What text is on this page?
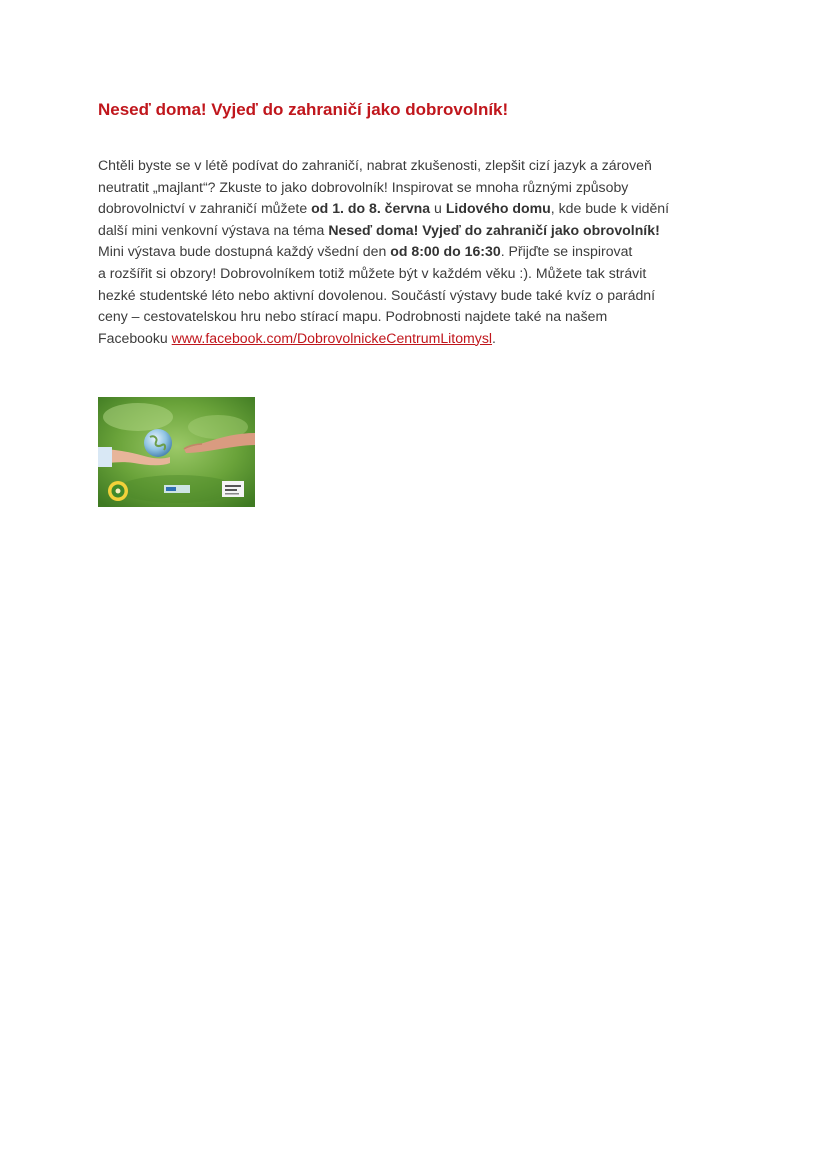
Neseď doma! Vyjeď do zahraničí jako dobrovolník!
Chtěli byste se v létě podívat do zahraničí, nabrat zkušenosti, zlepšit cizí jazyk a zároveň
neutratit „majlant“? Zkuste to jako dobrovolník! Inspirovat se mnoha různými způsoby
dobrovolnictví v zahraničí můžete od 1. do 8. června u Lidového domu, kde bude k vidění
další mini venkovní výstava na téma Neseď doma! Vyjeď do zahraničí jako obrovolník!
Mini výstava bude dostupná každý všední den od 8:00 do 16:30. Přijďte se inspirovat
a rozšířit si obzory! Dobrovolníkem totiž můžete být v každém věku :). Můžete tak strávit
hezké studentské léto nebo aktivní dovolenou. Součástí výstavy bude také kvíz o parádní
ceny – cestovatelskou hru nebo stírací mapu. Podrobnosti najdete také na našem
Facebooku www.facebook.com/DobrovolnickeCentrumLitomysl.
